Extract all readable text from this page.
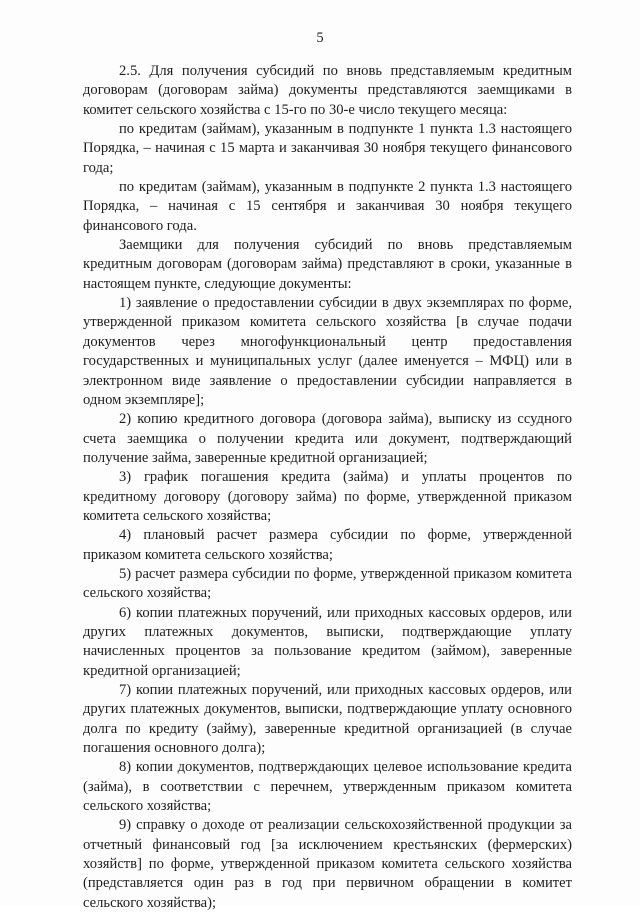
5

2.5. Для получения субсидий по вновь представляемым кредитным договорам (договорам займа) документы представляются заемщиками в комитет сельского хозяйства с 15-го по 30-е число текущего месяца:

по кредитам (займам), указанным в подпункте 1 пункта 1.3 настоящего Порядка, – начиная с 15 марта и заканчивая 30 ноября текущего финансового года;

по кредитам (займам), указанным в подпункте 2 пункта 1.3 настоящего Порядка, – начиная с 15 сентября и заканчивая 30 ноября текущего финансового года.

Заемщики для получения субсидий по вновь представляемым кредитным договорам (договорам займа) представляют в сроки, указанные в настоящем пункте, следующие документы:

1) заявление о предоставлении субсидии в двух экземплярах по форме, утвержденной приказом комитета сельского хозяйства [в случае подачи документов через многофункциональный центр предоставления государственных и муниципальных услуг (далее именуется – МФЦ) или в электронном виде заявление о предоставлении субсидии направляется в одном экземпляре];

2) копию кредитного договора (договора займа), выписку из ссудного счета заемщика о получении кредита или документ, подтверждающий получение займа, заверенные кредитной организацией;

3) график погашения кредита (займа) и уплаты процентов по кредитному договору (договору займа) по форме, утвержденной приказом комитета сельского хозяйства;

4) плановый расчет размера субсидии по форме, утвержденной приказом комитета сельского хозяйства;

5) расчет размера субсидии по форме, утвержденной приказом комитета сельского хозяйства;

6) копии платежных поручений, или приходных кассовых ордеров, или других платежных документов, выписки, подтверждающие уплату начисленных процентов за пользование кредитом (займом), заверенные кредитной организацией;

7) копии платежных поручений, или приходных кассовых ордеров, или других платежных документов, выписки, подтверждающие уплату основного долга по кредиту (займу), заверенные кредитной организацией (в случае погашения основного долга);

8) копии документов, подтверждающих целевое использование кредита (займа), в соответствии с перечнем, утвержденным приказом комитета сельского хозяйства;

9) справку о доходе от реализации сельскохозяйственной продукции за отчетный финансовый год [за исключением крестьянских (фермерских) хозяйств] по форме, утвержденной приказом комитета сельского хозяйства (представляется один раз в год при первичном обращении в комитет сельского хозяйства);
